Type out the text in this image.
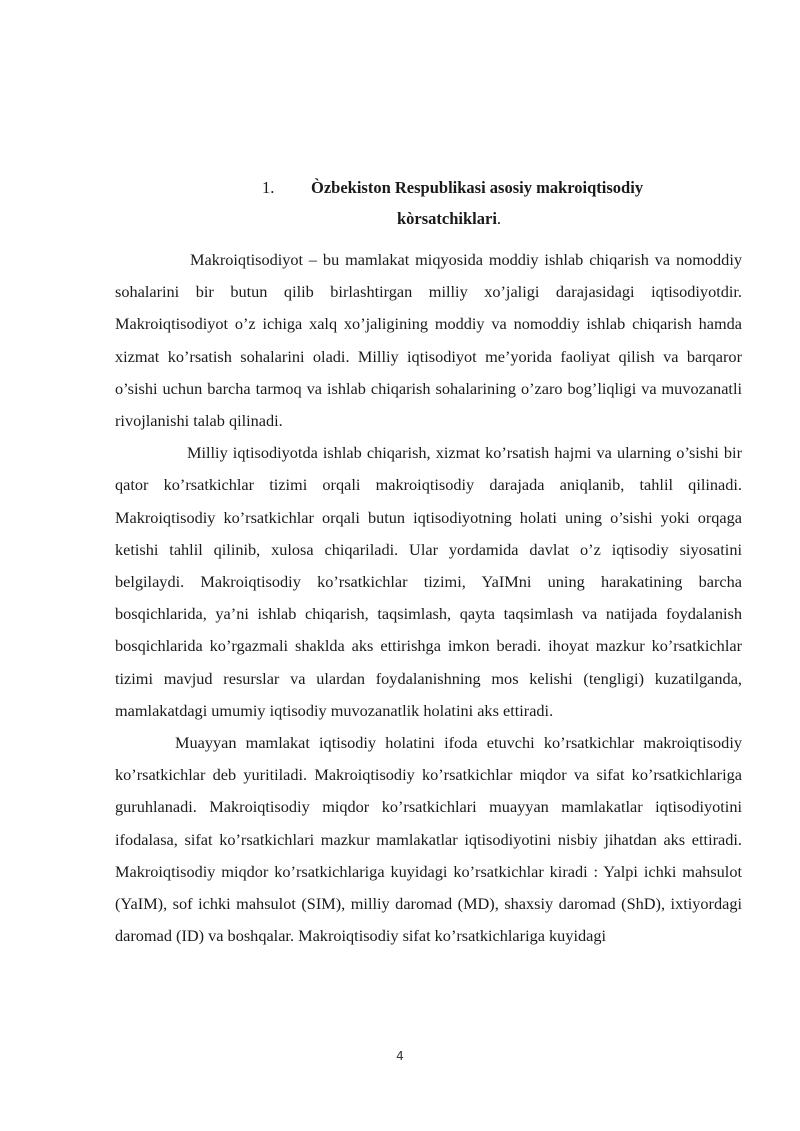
1. Òzbekiston Respublikasi asosiy makroiqtisodiy
kòrsatchiklari.

Makroiqtisodiyot – bu mamlakat miqyosida moddiy ishlab chiqarish va nomoddiy sohalarini bir butun qilib birlashtirgan milliy xo’jaligi darajasidagi iqtisodiyotdir. Makroiqtisodiyot o’z ichiga xalq xo’jaligining moddiy va nomoddiy ishlab chiqarish hamda xizmat ko’rsatish sohalarini oladi. Milliy iqtisodiyot me’yorida faoliyat qilish va barqaror o’sishi uchun barcha tarmoq va ishlab chiqarish sohalarining o’zaro bog’liqligi va muvozanatli rivojlanishi talab qilinadi.

Milliy iqtisodiyotda ishlab chiqarish, xizmat ko’rsatish hajmi va ularning o’sishi bir qator ko’rsatkichlar tizimi orqali makroiqtisodiy darajada aniqlanib, tahlil qilinadi. Makroiqtisodiy ko’rsatkichlar orqali butun iqtisodiyotning holati uning o’sishi yoki orqaga ketishi tahlil qilinib, xulosa chiqariladi. Ular yordamida davlat o’z iqtisodiy siyosatini belgilaydi. Makroiqtisodiy ko’rsatkichlar tizimi, YaIMni uning harakatining barcha bosqichlarida, ya’ni ishlab chiqarish, taqsimlash, qayta taqsimlash va natijada foydalanish bosqichlarida ko’rgazmali shaklda aks ettirishga imkon beradi. ihoyat mazkur ko’rsatkichlar tizimi mavjud resurslar va ulardan foydalanishning mos kelishi (tengligi) kuzatilganda, mamlakatdagi umumiy iqtisodiy muvozanatlik holatini aks ettiradi.

Muayyan mamlakat iqtisodiy holatini ifoda etuvchi ko’rsatkichlar makroiqtisodiy ko’rsatkichlar deb yuritiladi. Makroiqtisodiy ko’rsatkichlar miqdor va sifat ko’rsatkichlariga guruhlanadi. Makroiqtisodiy miqdor ko’rsatkichlari muayyan mamlakatlar iqtisodiyotini ifodalasa, sifat ko’rsatkichlari mazkur mamlakatlar iqtisodiyotini nisbiy jihatdan aks ettiradi. Makroiqtisodiy miqdor ko’rsatkichlariga kuyidagi ko’rsatkichlar kiradi : Yalpi ichki mahsulot (YaIM), sof ichki mahsulot (SIM), milliy daromad (MD), shaxsiy daromad (ShD), ixtiyordagi daromad (ID) va boshqalar. Makroiqtisodiy sifat ko’rsatkichlariga kuyidagi

4
